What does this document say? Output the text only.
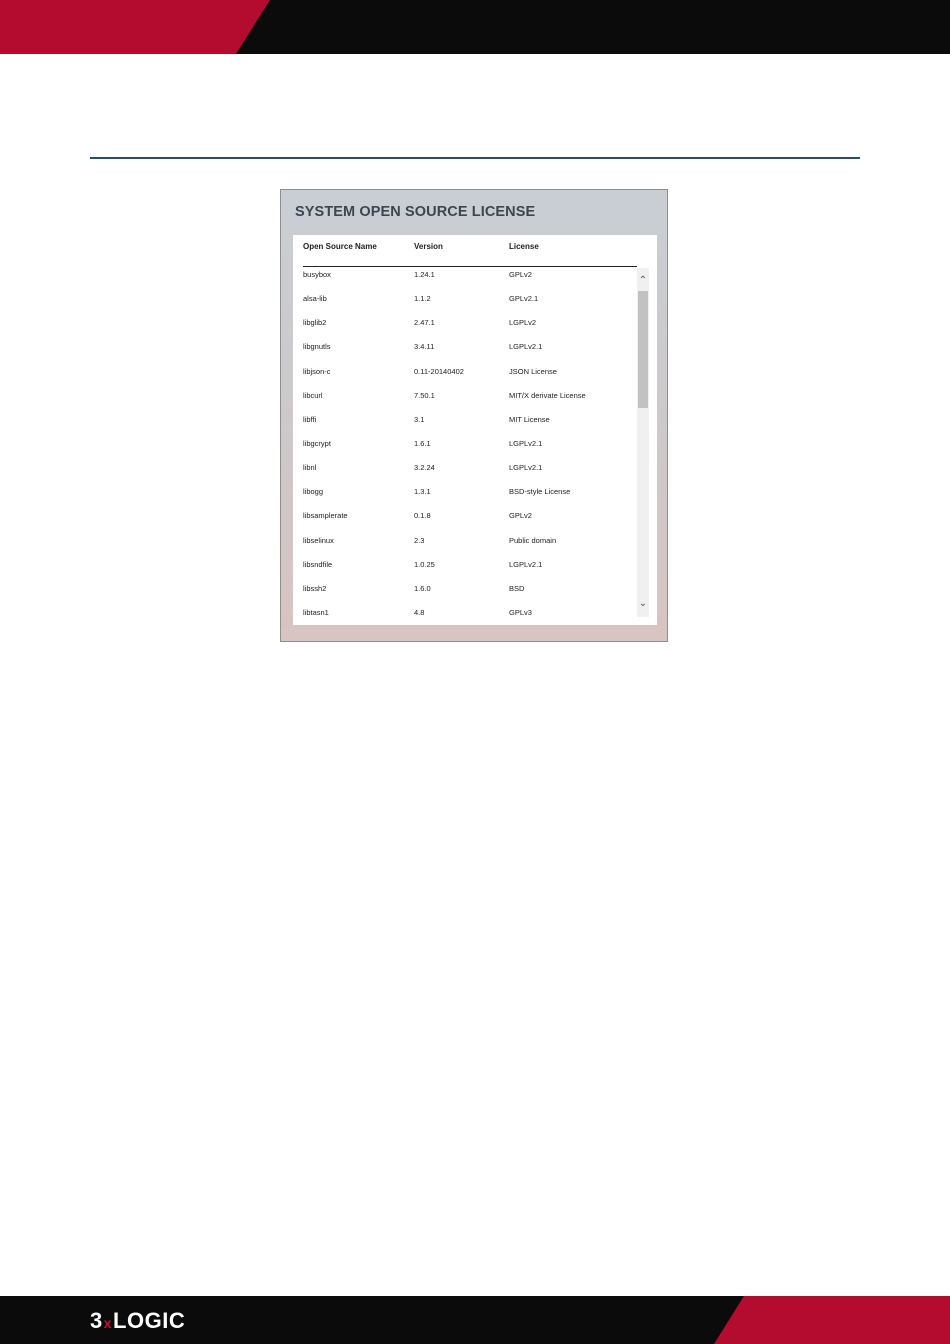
SYSTEM OPEN SOURCE LICENSE
Open Source Name	Version	License
busybox	1.24.1	GPLv2
alsa-lib	1.1.2	GPLv2.1
libglib2	2.47.1	LGPLv2
libgnutls	3.4.11	LGPLv2.1
libjson-c	0.11-20140402	JSON License
libcurl	7.50.1	MIT/X derivate License
libffi	3.1	MIT License
libgcrypt	1.6.1	LGPLv2.1
libnl	3.2.24	LGPLv2.1
libogg	1.3.1	BSD-style License
libsamplerate	0.1.8	GPLv2
libselinux	2.3	Public domain
libsndfile	1.0.25	LGPLv2.1
libssh2	1.6.0	BSD
libtasn1	4.8	GPLv3
⌃
⌄
3xLOGIC
